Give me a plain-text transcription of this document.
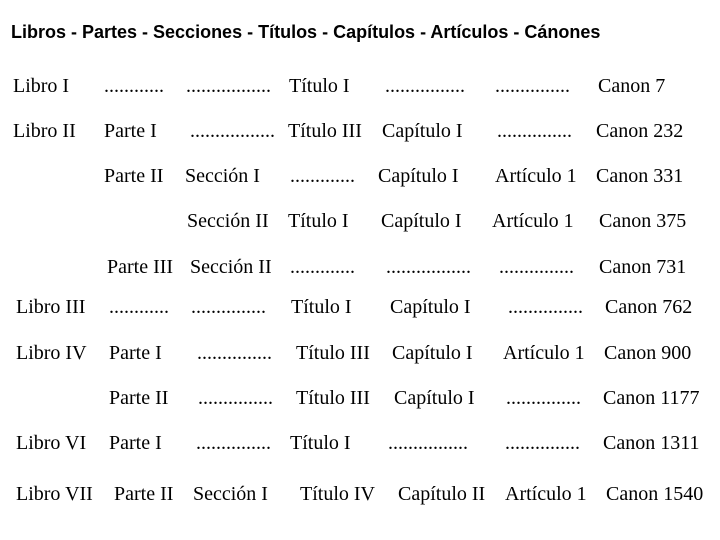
Libros - Partes - Secciones - Títulos - Capítulos - Artículos - Cánones
Libro I ............ ................. Título I ................ ............... Canon 7
Libro II Parte I ................. Título III Capítulo I ............... Canon 232
Parte II Sección I ............. Capítulo I Artículo 1 Canon 331
Sección II Título I Capítulo I Artículo 1 Canon 375
Parte III Sección II ............. ................. ............... Canon 731
Libro III ............ ............... Título I Capítulo I ............... Canon 762
Libro IV Parte I ............... Título III Capítulo I Artículo 1 Canon 900
Parte II ............... Título III Capítulo I ............... Canon 1177
Libro VI Parte I ............... Título I ................ ............... Canon 1311
Libro VII Parte II Sección I Título IV Capítulo II Artículo 1 Canon 1540
